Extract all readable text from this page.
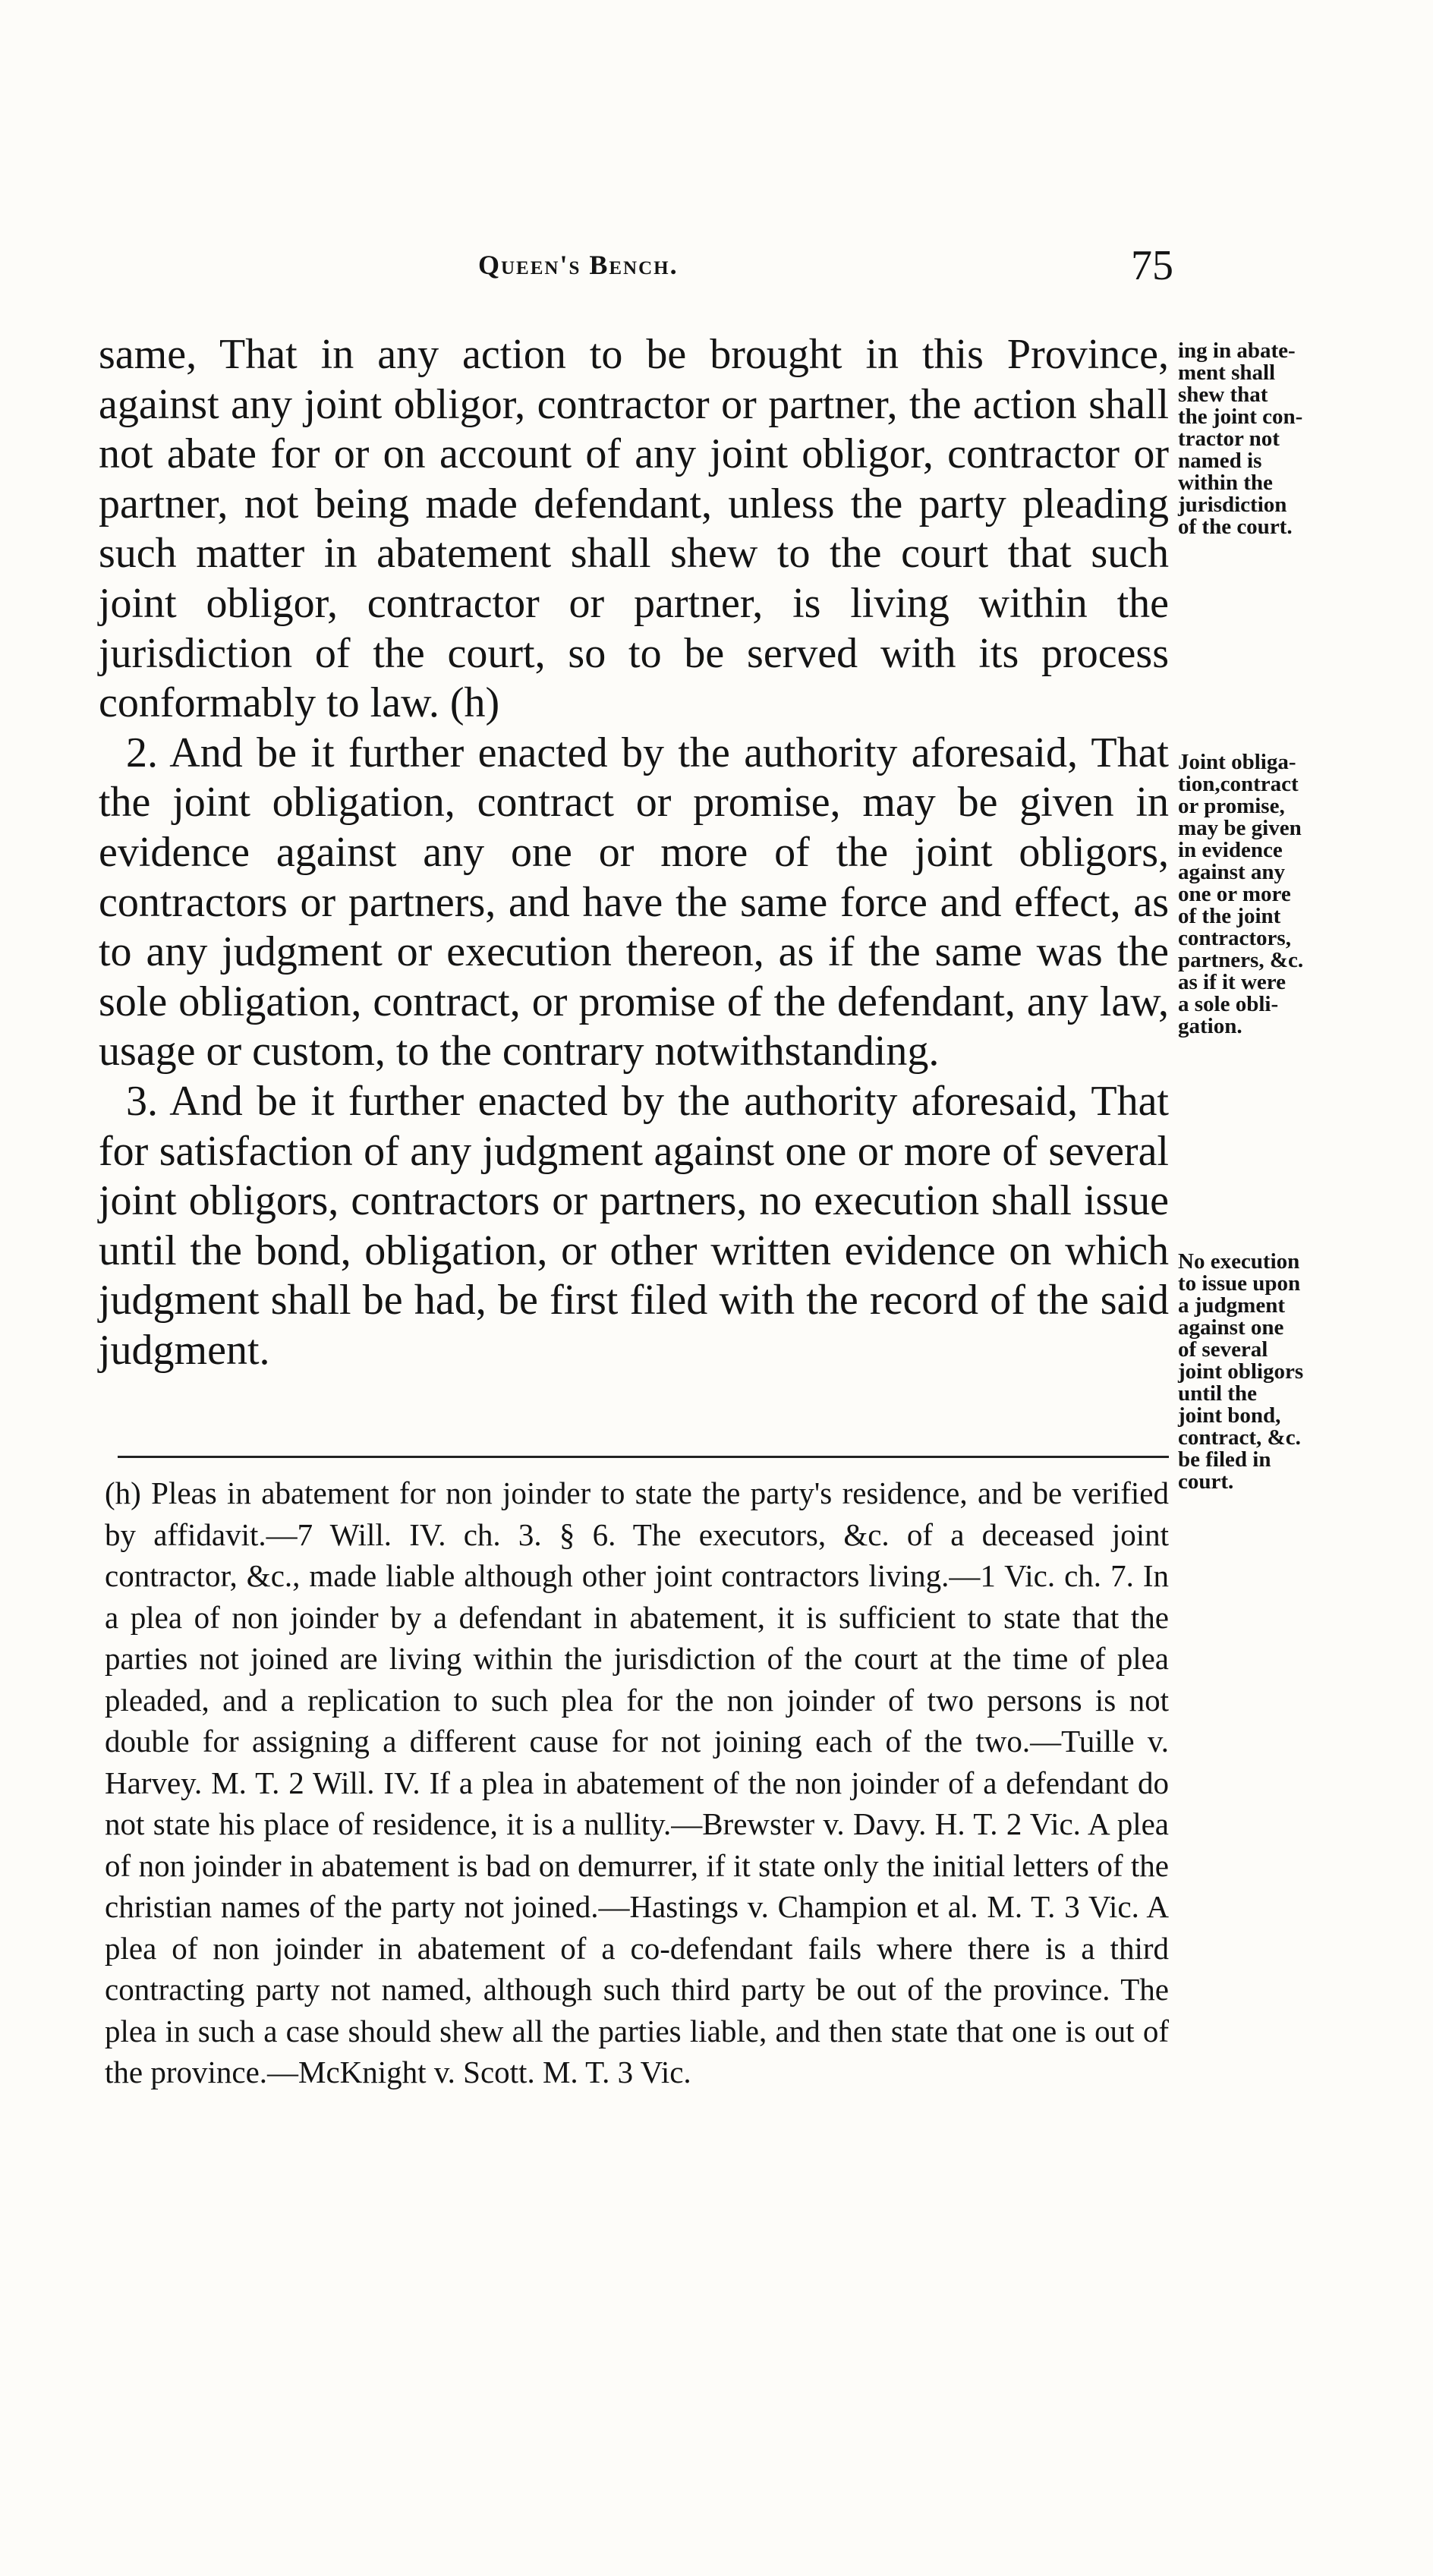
Queen's Bench.	75

same, That in any action to be brought in this Province, against any joint obligor, contractor or partner, the action shall not abate for or on account of any joint obligor, contractor or partner, not being made defendant, unless the party pleading such matter in abatement shall shew to the court that such joint obligor, contractor or partner, is living within the jurisdiction of the court, so to be served with its process conformably to law. (h)

2. And be it further enacted by the authority aforesaid, That the joint obligation, contract or promise, may be given in evidence against any one or more of the joint obligors, contractors or partners, and have the same force and effect, as to any judgment or execution thereon, as if the same was the sole obligation, contract, or promise of the defendant, any law, usage or custom, to the contrary notwithstanding.

3. And be it further enacted by the authority aforesaid, That for satisfaction of any judgment against one or more of several joint obligors, contractors or partners, no execution shall issue until the bond, obligation, or other written evidence on which judgment shall be had, be first filed with the record of the said judgment.

(h) Pleas in abatement for non joinder to state the party's residence, and be verified by affidavit.—7 Will. IV. ch. 3. § 6. The executors, &c. of a deceased joint contractor, &c., made liable although other joint contractors living.—1 Vic. ch. 7. In a plea of non joinder by a defendant in abatement, it is sufficient to state that the parties not joined are living within the jurisdiction of the court at the time of plea pleaded, and a replication to such plea for the non joinder of two persons is not double for assigning a different cause for not joining each of the two.—Tuille v. Harvey. M. T. 2 Will. IV. If a plea in abatement of the non joinder of a defendant do not state his place of residence, it is a nullity.—Brewster v. Davy. H. T. 2 Vic. A plea of non joinder in abatement is bad on demurrer, if it state only the initial letters of the christian names of the party not joined.—Hastings v. Champion et al. M. T. 3 Vic. A plea of non joinder in abatement of a co-defendant fails where there is a third contracting party not named, although such third party be out of the province. The plea in such a case should shew all the parties liable, and then state that one is out of the province.—McKnight v. Scott. M. T. 3 Vic.

ing in abate-
ment shall
shew that
the joint con-
tractor not
named is
within the
jurisdiction
of the court.
Joint obliga-
tion,contract
or promise,
may be given
in evidence
against any
one or more
of the joint
contractors,
partners, &c.
as if it were
a sole obli-
gation.
No execution
to issue upon
a judgment
against one
of several
joint obligors
until the
joint bond,
contract, &c.
be filed in
court.
